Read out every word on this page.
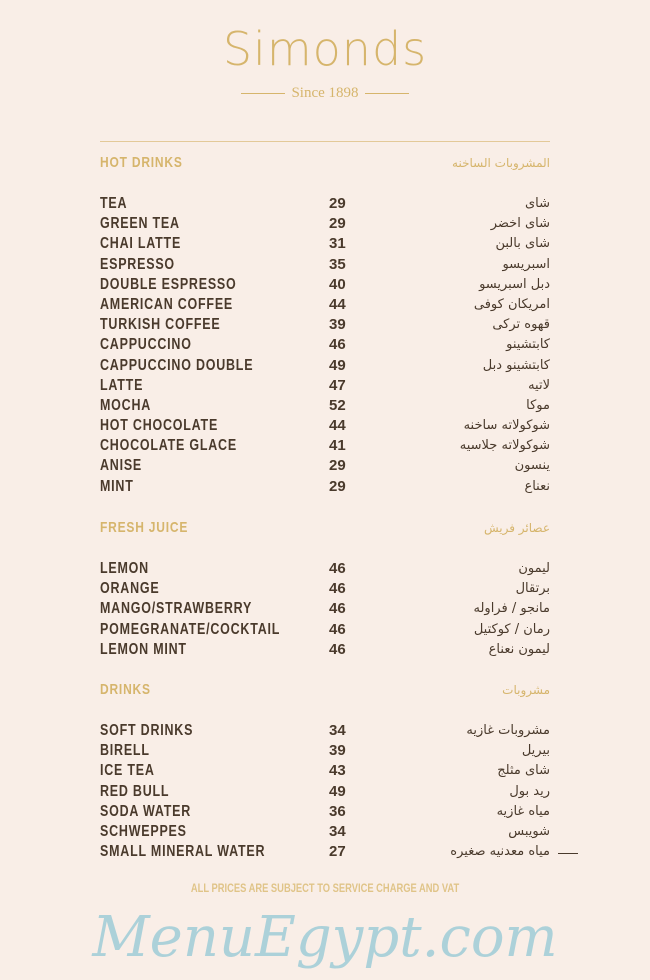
Simonds
Since 1898
HOT DRINKS	المشروبات الساخنه
TEA	29	شاى
GREEN TEA	29	شاى اخضر
CHAI LATTE	31	شاى بالبن
ESPRESSO	35	اسبريسو
DOUBLE ESPRESSO	40	دبل اسبريسو
AMERICAN COFFEE	44	امريكان كوفى
TURKISH COFFEE	39	قهوه تركى
CAPPUCCINO	46	كابتشينو
CAPPUCCINO DOUBLE	49	كابتشينو دبل
LATTE	47	لاتيه
MOCHA	52	موكا
HOT CHOCOLATE	44	شوكولاته ساخنه
CHOCOLATE GLACE	41	شوكولاته جلاسيه
ANISE	29	ينسون
MINT	29	نعناع
FRESH JUICE	عصائر فريش
LEMON	46	ليمون
ORANGE	46	برتقال
MANGO/STRAWBERRY	46	مانجو / فراوله
POMEGRANATE/COCKTAIL	46	رمان / كوكتيل
LEMON MINT	46	ليمون نعناع
DRINKS	مشروبات
SOFT DRINKS	34	مشروبات غازيه
BIRELL	39	بيريل
ICE TEA	43	شاى مثلج
RED BULL	49	ريد بول
SODA WATER	36	مياه غازيه
SCHWEPPES	34	شويبس
SMALL MINERAL WATER	27	مياه معدنيه صغيره
ALL PRICES ARE SUBJECT TO SERVICE CHARGE AND VAT
MenuEgypt.com
